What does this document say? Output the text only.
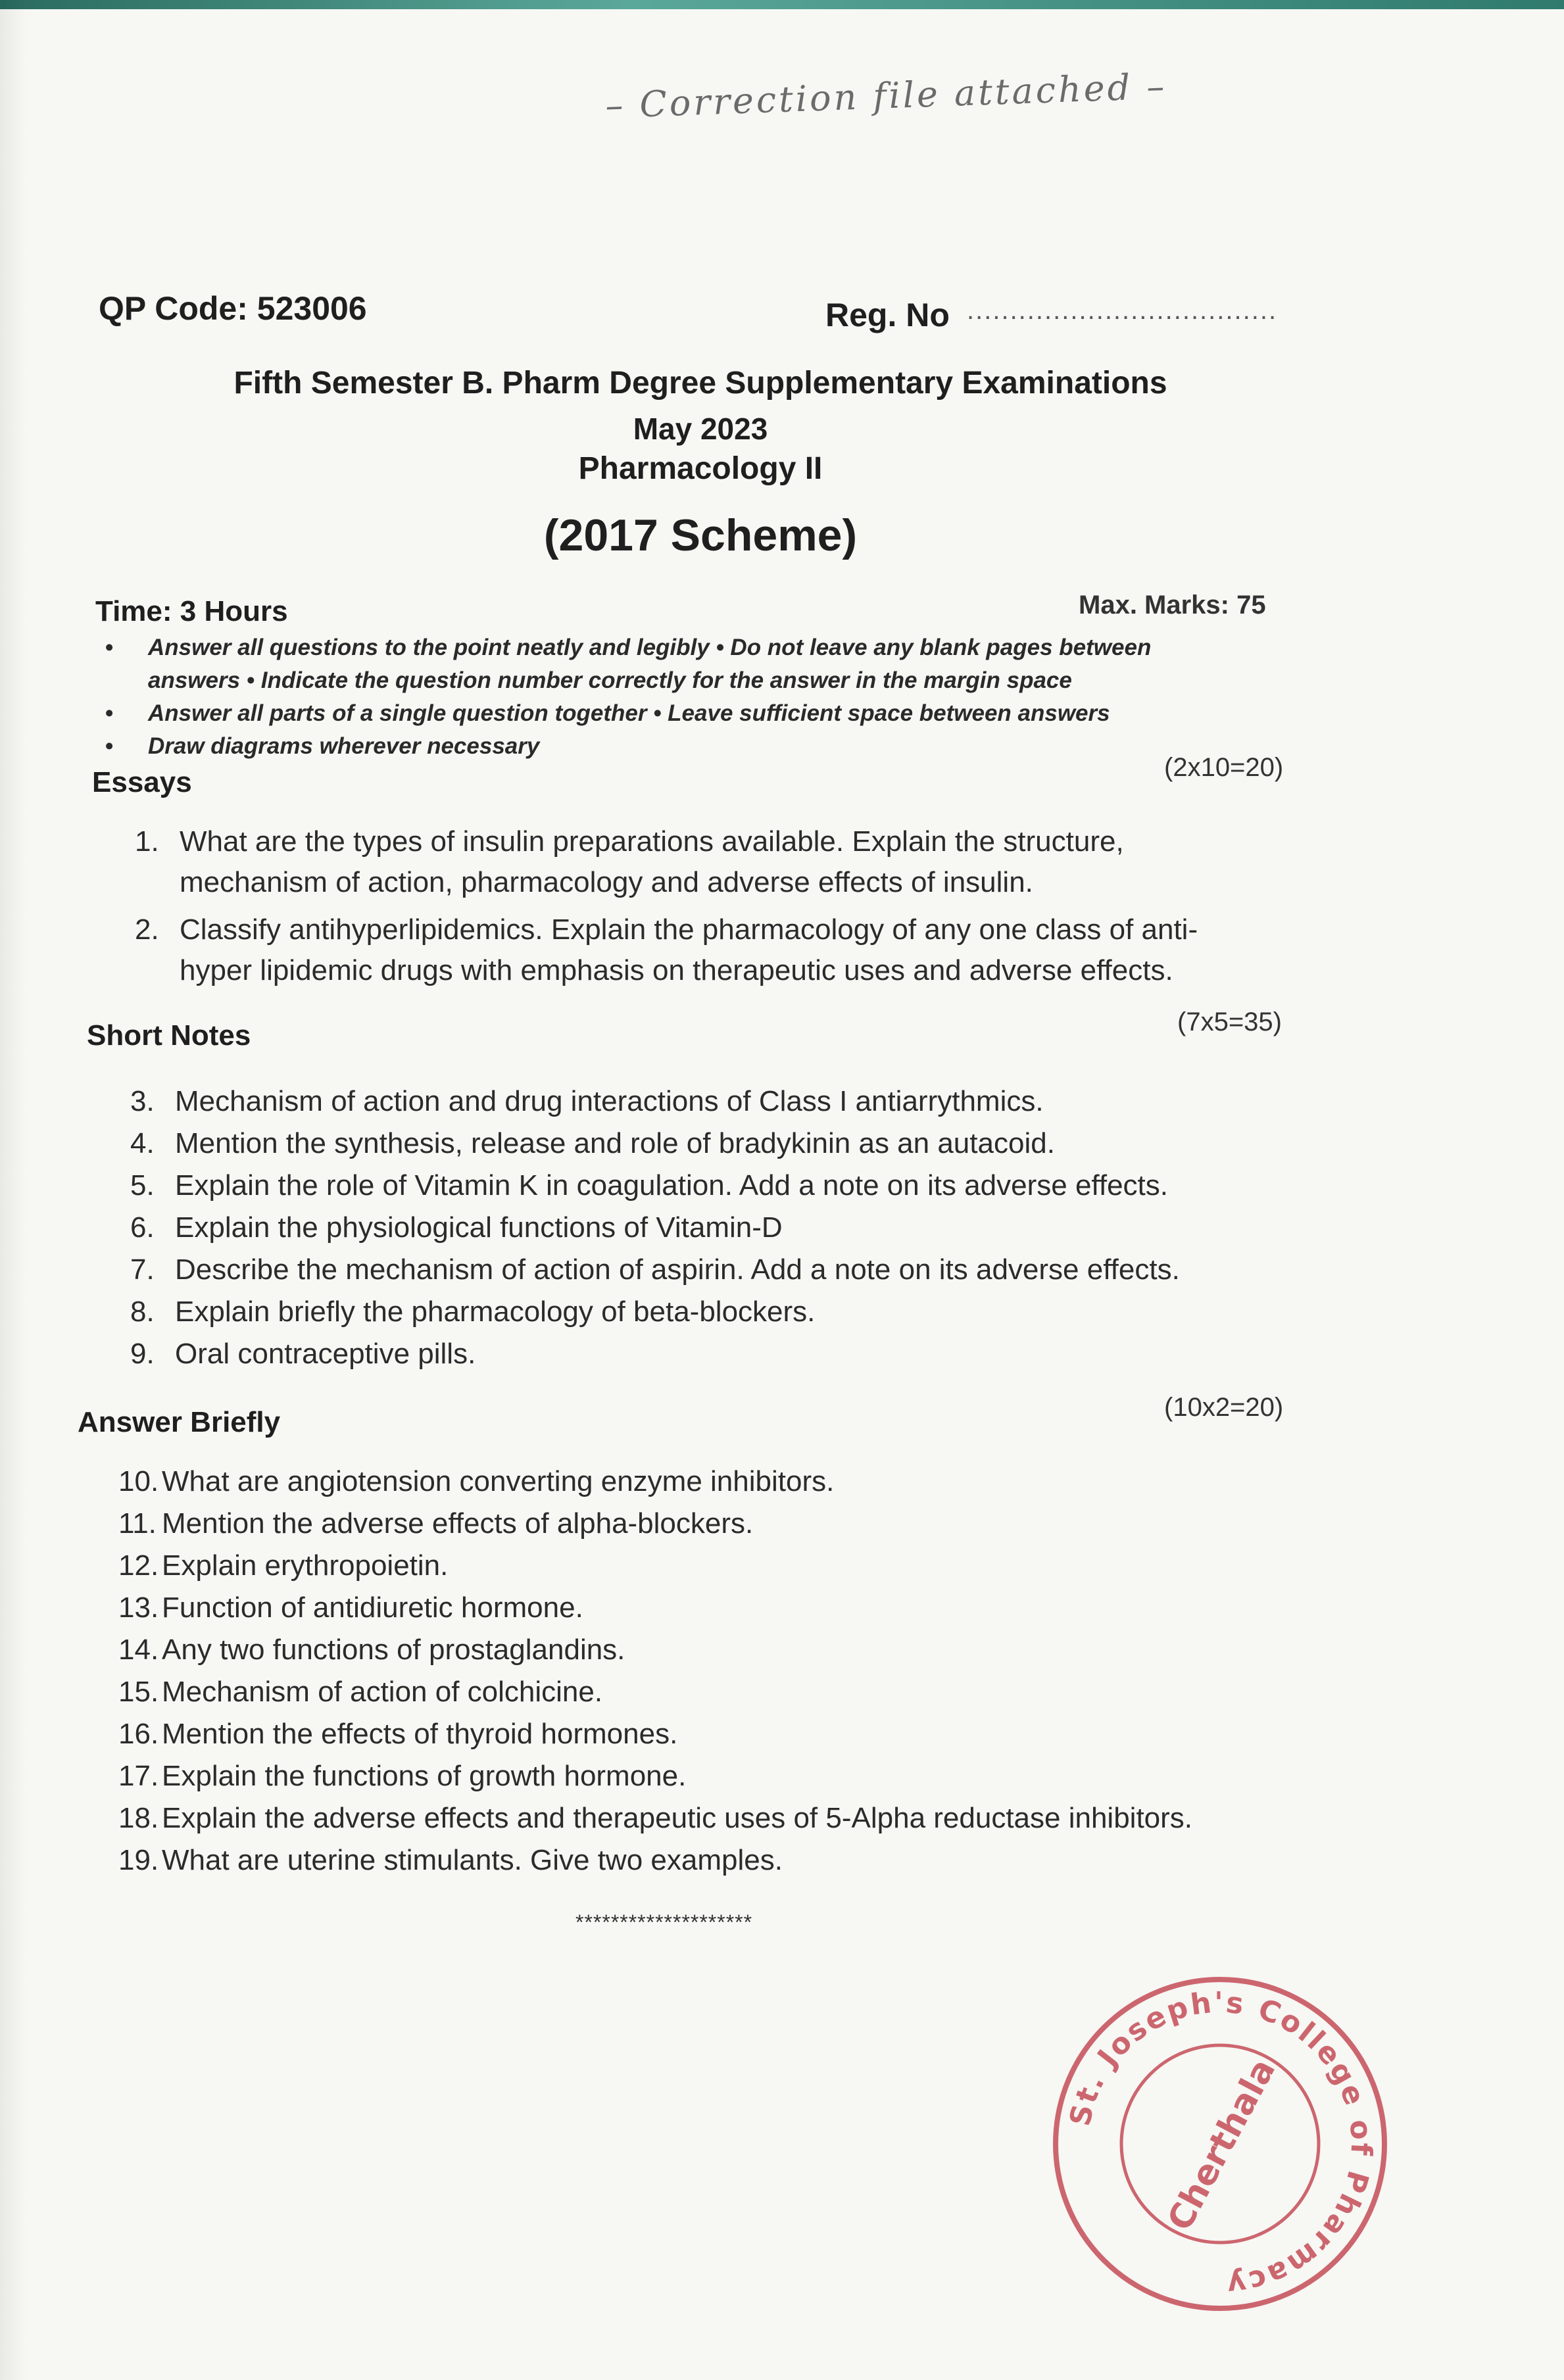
– Correction file attached –
QP Code: 523006	Reg. No ....................................
Fifth Semester B. Pharm Degree Supplementary Examinations
May 2023
Pharmacology II
(2017 Scheme)
Time: 3 Hours	Max. Marks: 75
• Answer all questions to the point neatly and legibly • Do not leave any blank pages between
answers • Indicate the question number correctly for the answer in the margin space
• Answer all parts of a single question together • Leave sufficient space between answers
• Draw diagrams wherever necessary
Essays	(2x10=20)
1. What are the types of insulin preparations available. Explain the structure,
mechanism of action, pharmacology and adverse effects of insulin.
2. Classify antihyperlipidemics. Explain the pharmacology of any one class of anti-
hyper lipidemic drugs with emphasis on therapeutic uses and adverse effects.
Short Notes	(7x5=35)
3. Mechanism of action and drug interactions of Class I antiarrythmics.
4. Mention the synthesis, release and role of bradykinin as an autacoid.
5. Explain the role of Vitamin K in coagulation. Add a note on its adverse effects.
6. Explain the physiological functions of Vitamin-D
7. Describe the mechanism of action of aspirin. Add a note on its adverse effects.
8. Explain briefly the pharmacology of beta-blockers.
9. Oral contraceptive pills.
Answer Briefly	(10x2=20)
10. What are angiotension converting enzyme inhibitors.
11. Mention the adverse effects of alpha-blockers.
12. Explain erythropoietin.
13. Function of antidiuretic hormone.
14. Any two functions of prostaglandins.
15. Mechanism of action of colchicine.
16. Mention the effects of thyroid hormones.
17. Explain the functions of growth hormone.
18. Explain the adverse effects and therapeutic uses of 5-Alpha reductase inhibitors.
19. What are uterine stimulants. Give two examples.
********************
St. Joseph's College of Pharmacy
Cherthala
